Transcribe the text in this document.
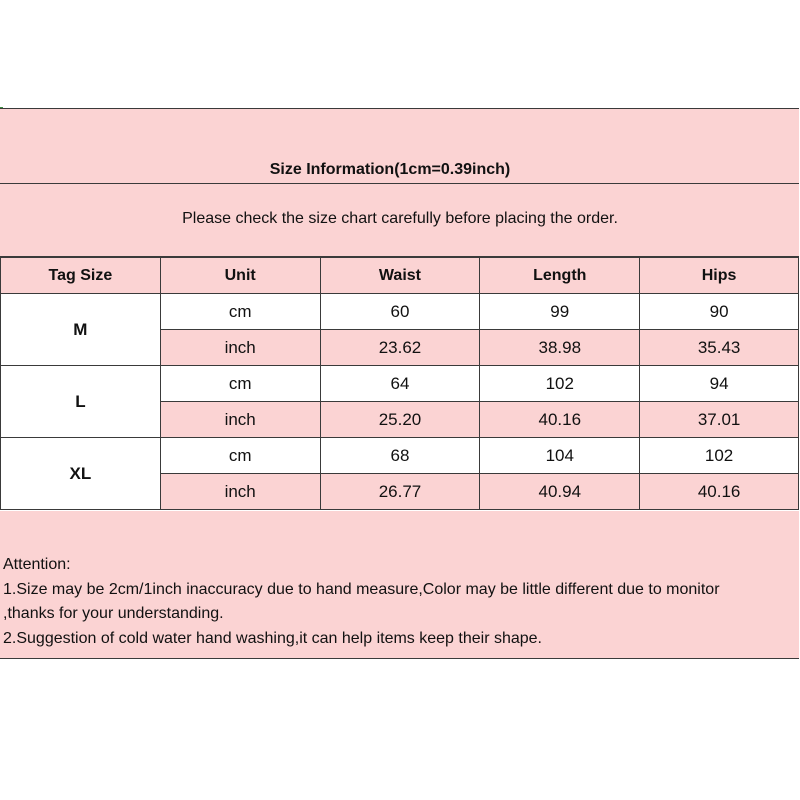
Size Information(1cm=0.39inch)
Please check the size chart carefully before placing the order.
Tag Size	Unit	Waist	Length	Hips
M	cm	60	99	90
	inch	23.62	38.98	35.43
L	cm	64	102	94
	inch	25.20	40.16	37.01
XL	cm	68	104	102
	inch	26.77	40.94	40.16
Attention:
1.Size may be 2cm/1inch inaccuracy due to hand measure,Color may be little different due to monitor
,thanks for your understanding.
2.Suggestion of cold water hand washing,it can help items keep their shape.
